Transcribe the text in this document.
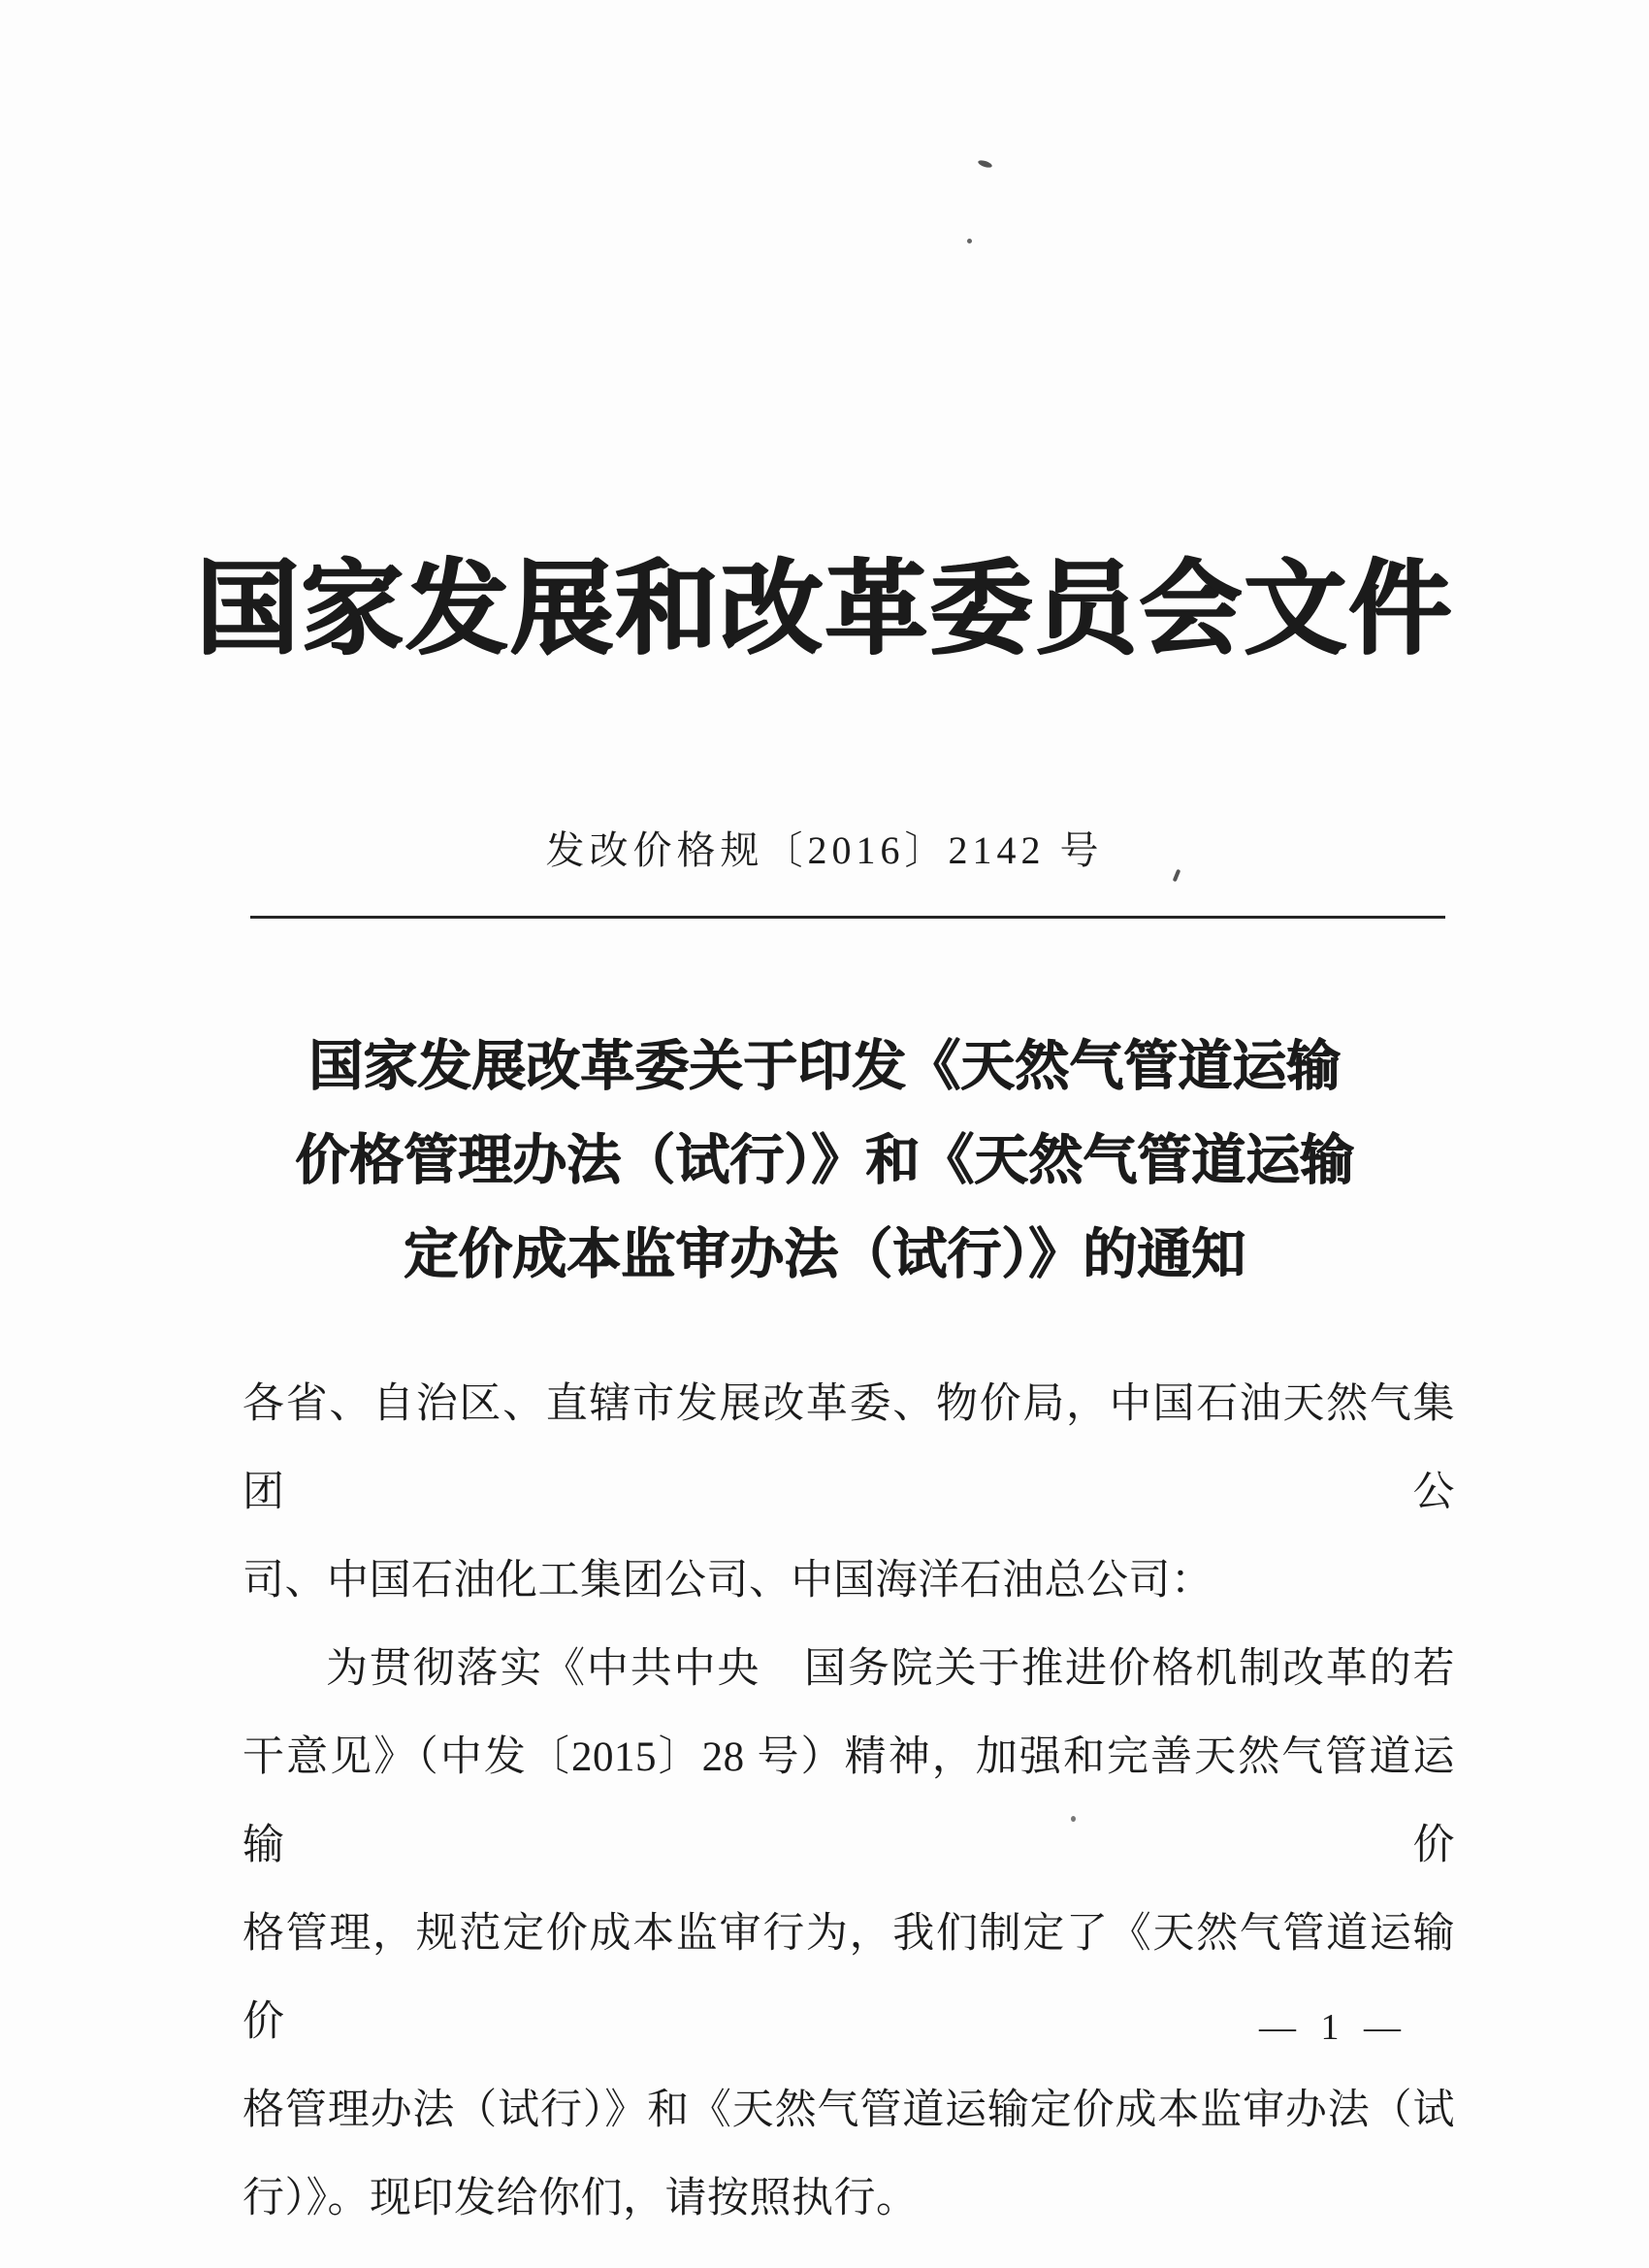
国家发展和改革委员会文件
发改价格规〔2016〕2142 号
国家发展改革委关于印发《天然气管道运输
价格管理办法（试行）》和《天然气管道运输
定价成本监审办法（试行）》的通知
各省、自治区、直辖市发展改革委、物价局，中国石油天然气集团公
司、中国石油化工集团公司、中国海洋石油总公司：
为贯彻落实《中共中央　国务院关于推进价格机制改革的若
干意见》（中发〔2015〕28 号）精神，加强和完善天然气管道运输价
格管理，规范定价成本监审行为，我们制定了《天然气管道运输价
格管理办法（试行）》和《天然气管道运输定价成本监审办法（试
行）》。现印发给你们，请按照执行。
— 1 —
